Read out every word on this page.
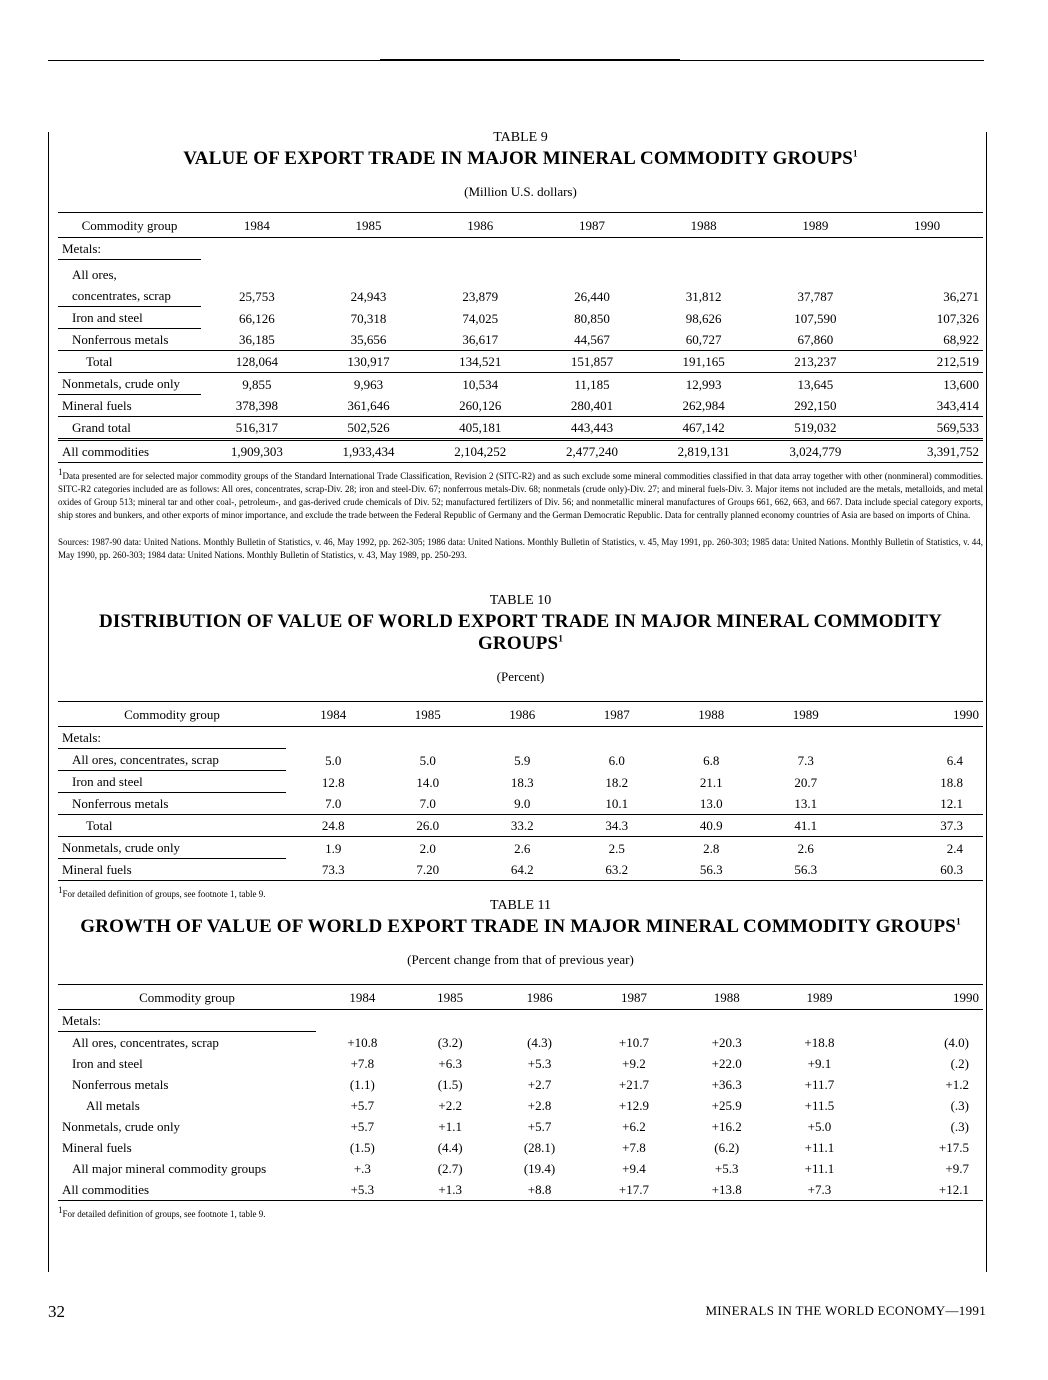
TABLE 9
VALUE OF EXPORT TRADE IN MAJOR MINERAL COMMODITY GROUPS$^1$
(Million U.S. dollars)
Commodity group	1984	1985	1986	1987	1988	1989	1990
Metals:							
All ores,							
concentrates, scrap	25,753	24,943	23,879	26,440	31,812	37,787	36,271
Iron and steel	66,126	70,318	74,025	80,850	98,626	107,590	107,326
Nonferrous metals	36,185	35,656	36,617	44,567	60,727	67,860	68,922
Total	128,064	130,917	134,521	151,857	191,165	213,237	212,519
Nonmetals, crude only	9,855	9,963	10,534	11,185	12,993	13,645	13,600
Mineral fuels	378,398	361,646	260,126	280,401	262,984	292,150	343,414
Grand total	516,317	502,526	405,181	443,443	467,142	519,032	569,533
All commodities	1,909,303	1,933,434	2,104,252	2,477,240	2,819,131	3,024,779	3,391,752
$^1$Data presented are for selected major commodity groups of the Standard International Trade Classification, Revision 2 (SITC-R2) and as such exclude some mineral commodities classified in that data array together with other (nonmineral) commodities. SITC-R2 categories included are as follows: All ores, concentrates, scrap-Div. 28; iron and steel-Div. 67; nonferrous metals-Div. 68; nonmetals (crude only)-Div. 27; and mineral fuels-Div. 3. Major items not included are the metals, metalloids, and metal oxides of Group 513; mineral tar and other coal-, petroleum-, and gas-derived crude chemicals of Div. 52; manufactured fertilizers of Div. 56; and nonmetallic mineral manufactures of Groups 661, 662, 663, and 667. Data include special category exports, ship stores and bunkers, and other exports of minor importance, and exclude the trade between the Federal Republic of Germany and the German Democratic Republic. Data for centrally planned economy countries of Asia are based on imports of China.
Sources: 1987-90 data: United Nations. Monthly Bulletin of Statistics, v. 46, May 1992, pp. 262-305; 1986 data: United Nations. Monthly Bulletin of Statistics, v. 45, May 1991, pp. 260-303; 1985 data: United Nations. Monthly Bulletin of Statistics, v. 44, May 1990, pp. 260-303; 1984 data: United Nations. Monthly Bulletin of Statistics, v. 43, May 1989, pp. 250-293.
TABLE 10
DISTRIBUTION OF VALUE OF WORLD EXPORT TRADE IN MAJOR MINERAL COMMODITY GROUPS$^1$
(Percent)
Commodity group	1984	1985	1986	1987	1988	1989	1990
Metals:							
All ores, concentrates, scrap	5.0	5.0	5.9	6.0	6.8	7.3	6.4
Iron and steel	12.8	14.0	18.3	18.2	21.1	20.7	18.8
Nonferrous metals	7.0	7.0	9.0	10.1	13.0	13.1	12.1
Total	24.8	26.0	33.2	34.3	40.9	41.1	37.3
Nonmetals, crude only	1.9	2.0	2.6	2.5	2.8	2.6	2.4
Mineral fuels	73.3	7.20	64.2	63.2	56.3	56.3	60.3
$^1$For detailed definition of groups, see footnote 1, table 9.
TABLE 11
GROWTH OF VALUE OF WORLD EXPORT TRADE IN MAJOR MINERAL COMMODITY GROUPS$^1$
(Percent change from that of previous year)
Commodity group	1984	1985	1986	1987	1988	1989	1990
Metals:							
All ores, concentrates, scrap	+10.8	(3.2)	(4.3)	+10.7	+20.3	+18.8	(4.0)
Iron and steel	+7.8	+6.3	+5.3	+9.2	+22.0	+9.1	(.2)
Nonferrous metals	(1.1)	(1.5)	+2.7	+21.7	+36.3	+11.7	+1.2
All metals	+5.7	+2.2	+2.8	+12.9	+25.9	+11.5	(.3)
Nonmetals, crude only	+5.7	+1.1	+5.7	+6.2	+16.2	+5.0	(.3)
Mineral fuels	(1.5)	(4.4)	(28.1)	+7.8	(6.2)	+11.1	+17.5
All major mineral commodity groups	+.3	(2.7)	(19.4)	+9.4	+5.3	+11.1	+9.7
All commodities	+5.3	+1.3	+8.8	+17.7	+13.8	+7.3	+12.1
$^1$For detailed definition of groups, see footnote 1, table 9.
32	MINERALS IN THE WORLD ECONOMY—1991
